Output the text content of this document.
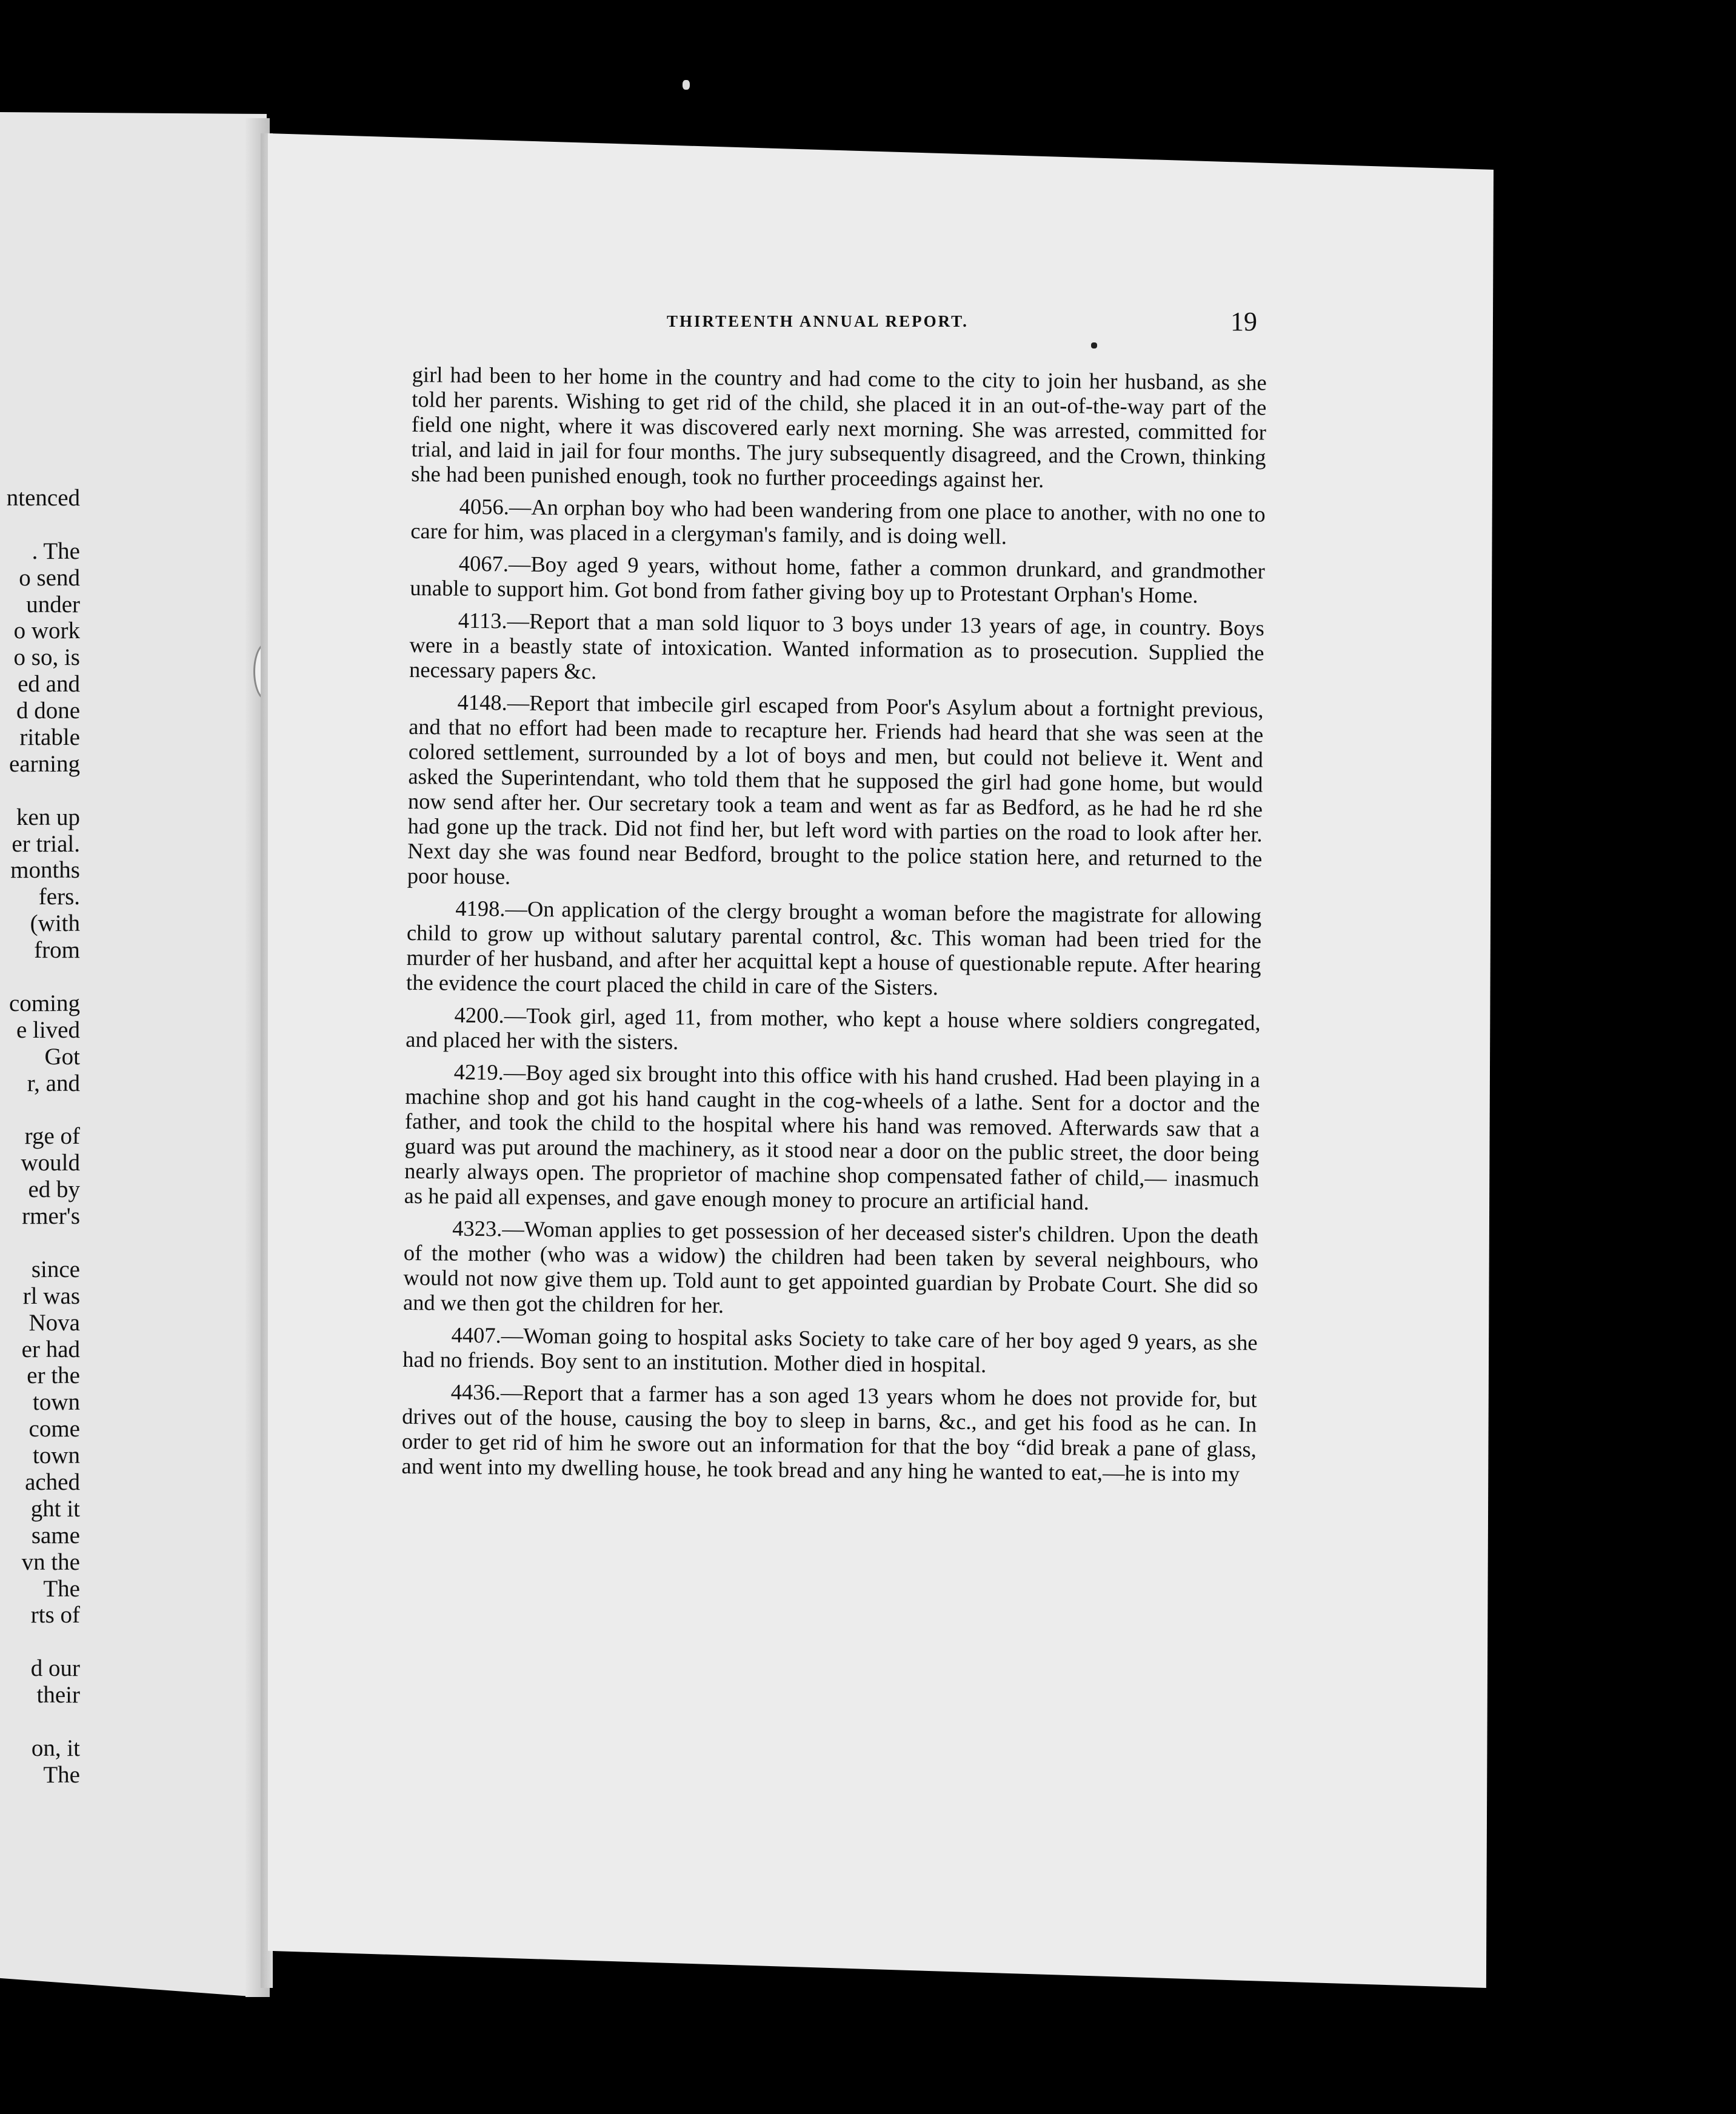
ntenced
. The
o send
under
o work
o so, is
ed and
d done
ritable
earning
ken up
er trial.
months
fers.
(with
from
coming
e lived
Got
r, and
rge of
would
ed by
rmer's
since
rl was
Nova
er had
er the
town
come
town
ached
ght it
same
vn the
The
rts of
d our
their
on, it
The
THIRTEENTH ANNUAL REPORT.	19

girl had been to her home in the country and had come to the city to join her husband, as she told her parents. Wishing to get rid of the child, she placed it in an out-of-the-way part of the field one night, where it was discovered early next morning. She was arrested, committed for trial, and laid in jail for four months. The jury subsequently disagreed, and the Crown, thinking she had been punished enough, took no further proceedings against her.

4056.—An orphan boy who had been wandering from one place to another, with no one to care for him, was placed in a clergyman's family, and is doing well.

4067.—Boy aged 9 years, without home, father a common drunkard, and grandmother unable to support him. Got bond from father giving boy up to Protestant Orphan's Home.

4113.—Report that a man sold liquor to 3 boys under 13 years of age, in country. Boys were in a beastly state of intoxication. Wanted information as to prosecution. Supplied the necessary papers &c.

4148.—Report that imbecile girl escaped from Poor's Asylum about a fortnight previous, and that no effort had been made to recapture her. Friends had heard that she was seen at the colored settlement, surrounded by a lot of boys and men, but could not believe it. Went and asked the Superintendant, who told them that he supposed the girl had gone home, but would now send after her. Our secretary took a team and went as far as Bedford, as he had he rd she had gone up the track. Did not find her, but left word with parties on the road to look after her. Next day she was found near Bedford, brought to the police station here, and returned to the poor house.

4198.—On application of the clergy brought a woman before the magistrate for allowing child to grow up without salutary parental control, &c. This woman had been tried for the murder of her husband, and after her acquittal kept a house of questionable repute. After hearing the evidence the court placed the child in care of the Sisters.

4200.—Took girl, aged 11, from mother, who kept a house where soldiers congregated, and placed her with the sisters.

4219.—Boy aged six brought into this office with his hand crushed. Had been playing in a machine shop and got his hand caught in the cog-wheels of a lathe. Sent for a doctor and the father, and took the child to the hospital where his hand was removed. Afterwards saw that a guard was put around the machinery, as it stood near a door on the public street, the door being nearly always open. The proprietor of machine shop compensated father of child,— inasmuch as he paid all expenses, and gave enough money to procure an artificial hand.

4323.—Woman applies to get possession of her deceased sister's children. Upon the death of the mother (who was a widow) the children had been taken by several neighbours, who would not now give them up. Told aunt to get appointed guardian by Probate Court. She did so and we then got the children for her.

4407.—Woman going to hospital asks Society to take care of her boy aged 9 years, as she had no friends. Boy sent to an institution. Mother died in hospital.

4436.—Report that a farmer has a son aged 13 years whom he does not provide for, but drives out of the house, causing the boy to sleep in barns, &c., and get his food as he can. In order to get rid of him he swore out an information for that the boy “did break a pane of glass, and went into my dwelling house, he took bread and any hing he wanted to eat,—he is into my
